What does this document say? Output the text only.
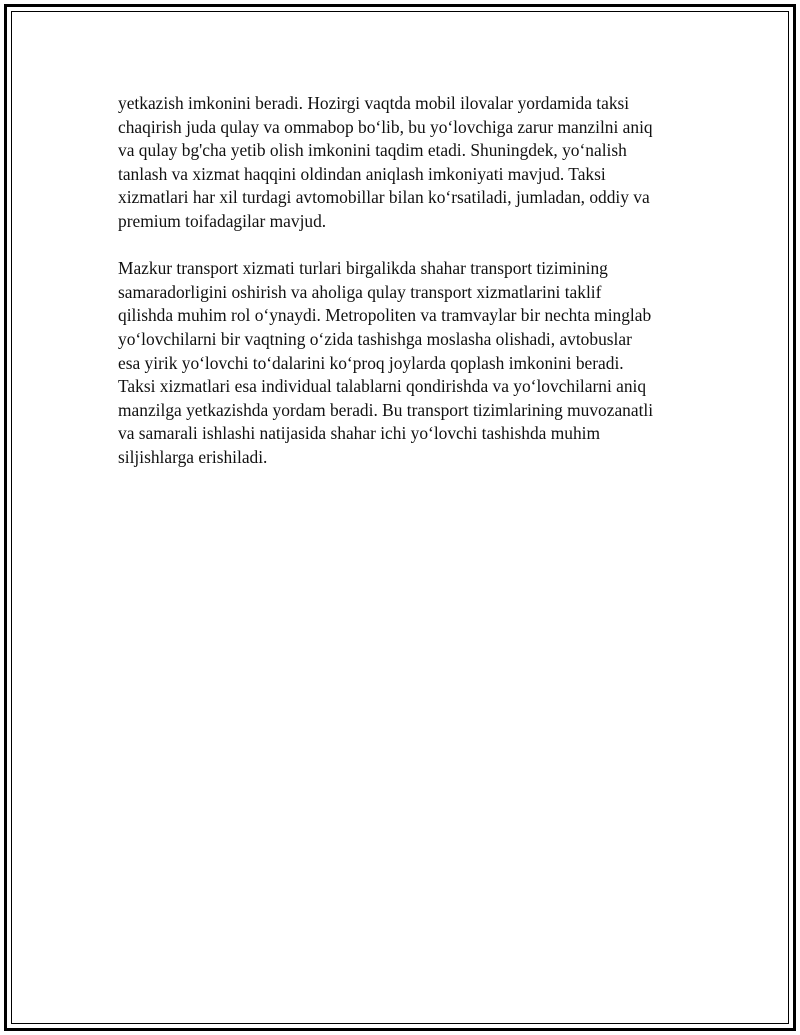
yetkazish imkonini beradi. Hozirgi vaqtda mobil ilovalar yordamida taksi
chaqirish juda qulay va ommabop bo‘lib, bu yo‘lovchiga zarur manzilni aniq
va qulay bg'cha yetib olish imkonini taqdim etadi. Shuningdek, yo‘nalish
tanlash va xizmat haqqini oldindan aniqlash imkoniyati mavjud. Taksi
xizmatlari har xil turdagi avtomobillar bilan ko‘rsatiladi, jumladan, oddiy va
premium toifadagilar mavjud.

Mazkur transport xizmati turlari birgalikda shahar transport tizimining
samaradorligini oshirish va aholiga qulay transport xizmatlarini taklif
qilishda muhim rol o‘ynaydi. Metropoliten va tramvaylar bir nechta minglab
yo‘lovchilarni bir vaqtning o‘zida tashishga moslasha olishadi, avtobuslar
esa yirik yo‘lovchi to‘dalarini ko‘proq joylarda qoplash imkonini beradi.
Taksi xizmatlari esa individual talablarni qondirishda va yo‘lovchilarni aniq
manzilga yetkazishda yordam beradi. Bu transport tizimlarining muvozanatli
va samarali ishlashi natijasida shahar ichi yo‘lovchi tashishda muhim
siljishlarga erishiladi.
